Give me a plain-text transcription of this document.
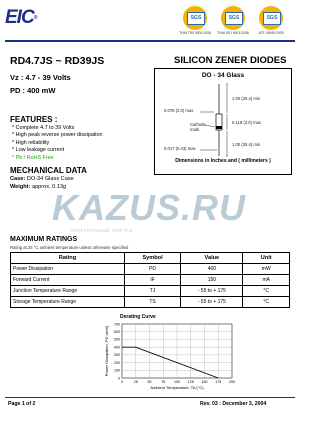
EIC®	SGS
THAI TISI 9001:2008
SGS
THAI ISO 9001:2008
SGS
ATF 16949:2009
RD4.7JS ~ RD39JS	SILICON ZENER DIODES
Vz : 4.7 - 39 Volts
PD : 400 mW
FEATURES :
* Complete 4.7 to 39 Volts
* High peak reverse power dissipation
* High reliability
* Low leakage current
* Pb / RoHS Free
MECHANICAL DATA
Case: DO-34 Glass Case
Weight: approx. 0.13g
DO - 34 Glass
0.078 (2.0) max
1.00 (25.4) min
0.118 (3.0) max
0.017 (0.43) max
1.00 (25.4) min
Cathode mark
Dimensions in Inches and ( millimeters )
KAZUS.RU
ЭЛЕКТРОННЫЙ ПОРТАЛ
MAXIMUM RATINGS
Rating at 25 °C ambient temperature unless otherwise specified
Rating	Symbol	Value	Unit
Power Dissipation	PD	400	mW
Forward Current	IF	150	mA
Junction Temperature Range	TJ	- 55 to + 175	°C
Storage Temperature Range	TS	- 55 to + 175	°C
Derating Curve
0	25	50	75 100 125 150 175 200
0
100
200
300
400
500
600
700
Ambient Temperature, TA (°C)
Power Dissipation, PD (mW)
Page 1 of 2	Rev. 03 : December 3, 2004
